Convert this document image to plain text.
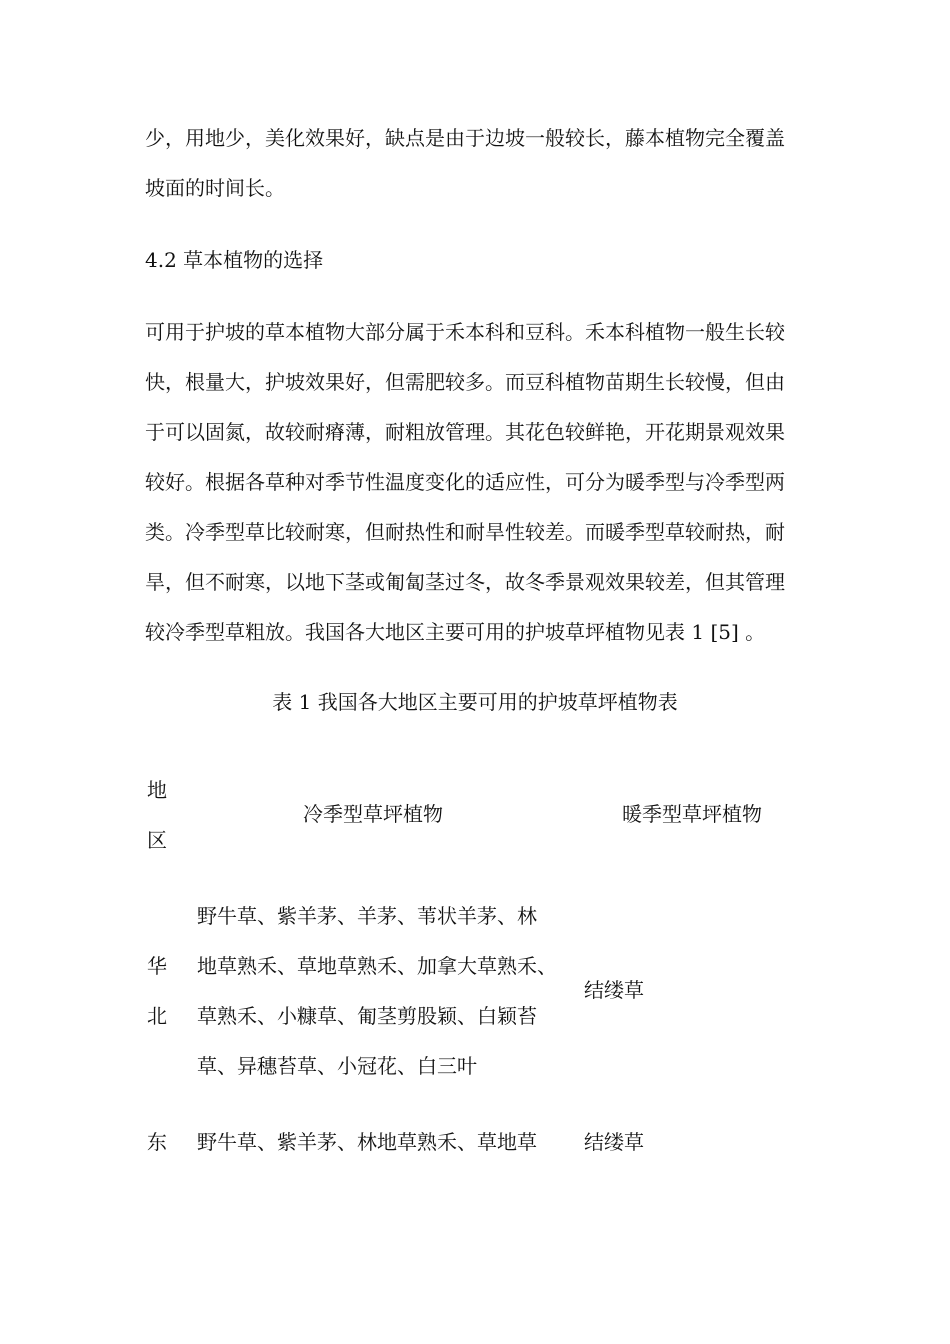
少，用地少，美化效果好，缺点是由于边坡一般较长，藤本植物完全覆盖
坡面的时间长。
4.2 草本植物的选择
可用于护坡的草本植物大部分属于禾本科和豆科。禾本科植物一般生长较
快，根量大，护坡效果好，但需肥较多。而豆科植物苗期生长较慢，但由
于可以固氮，故较耐瘠薄，耐粗放管理。其花色较鲜艳，开花期景观效果
较好。根据各草种对季节性温度变化的适应性，可分为暖季型与冷季型两
类。冷季型草比较耐寒，但耐热性和耐旱性较差。而暖季型草较耐热，耐
旱，但不耐寒，以地下茎或匍匐茎过冬，故冬季景观效果较差，但其管理
较冷季型草粗放。我国各大地区主要可用的护坡草坪植物见表 1 [5] 。
表 1 我国各大地区主要可用的护坡草坪植物表
地
区
冷季型草坪植物	暖季型草坪植物
华
北
野牛草、紫羊茅、羊茅、苇状羊茅、林
地草熟禾、草地草熟禾、加拿大草熟禾、
草熟禾、小糠草、匍茎剪股颖、白颖苔
草、异穗苔草、小冠花、白三叶
结缕草
东 野牛草、紫羊茅、林地草熟禾、草地草 结缕草
